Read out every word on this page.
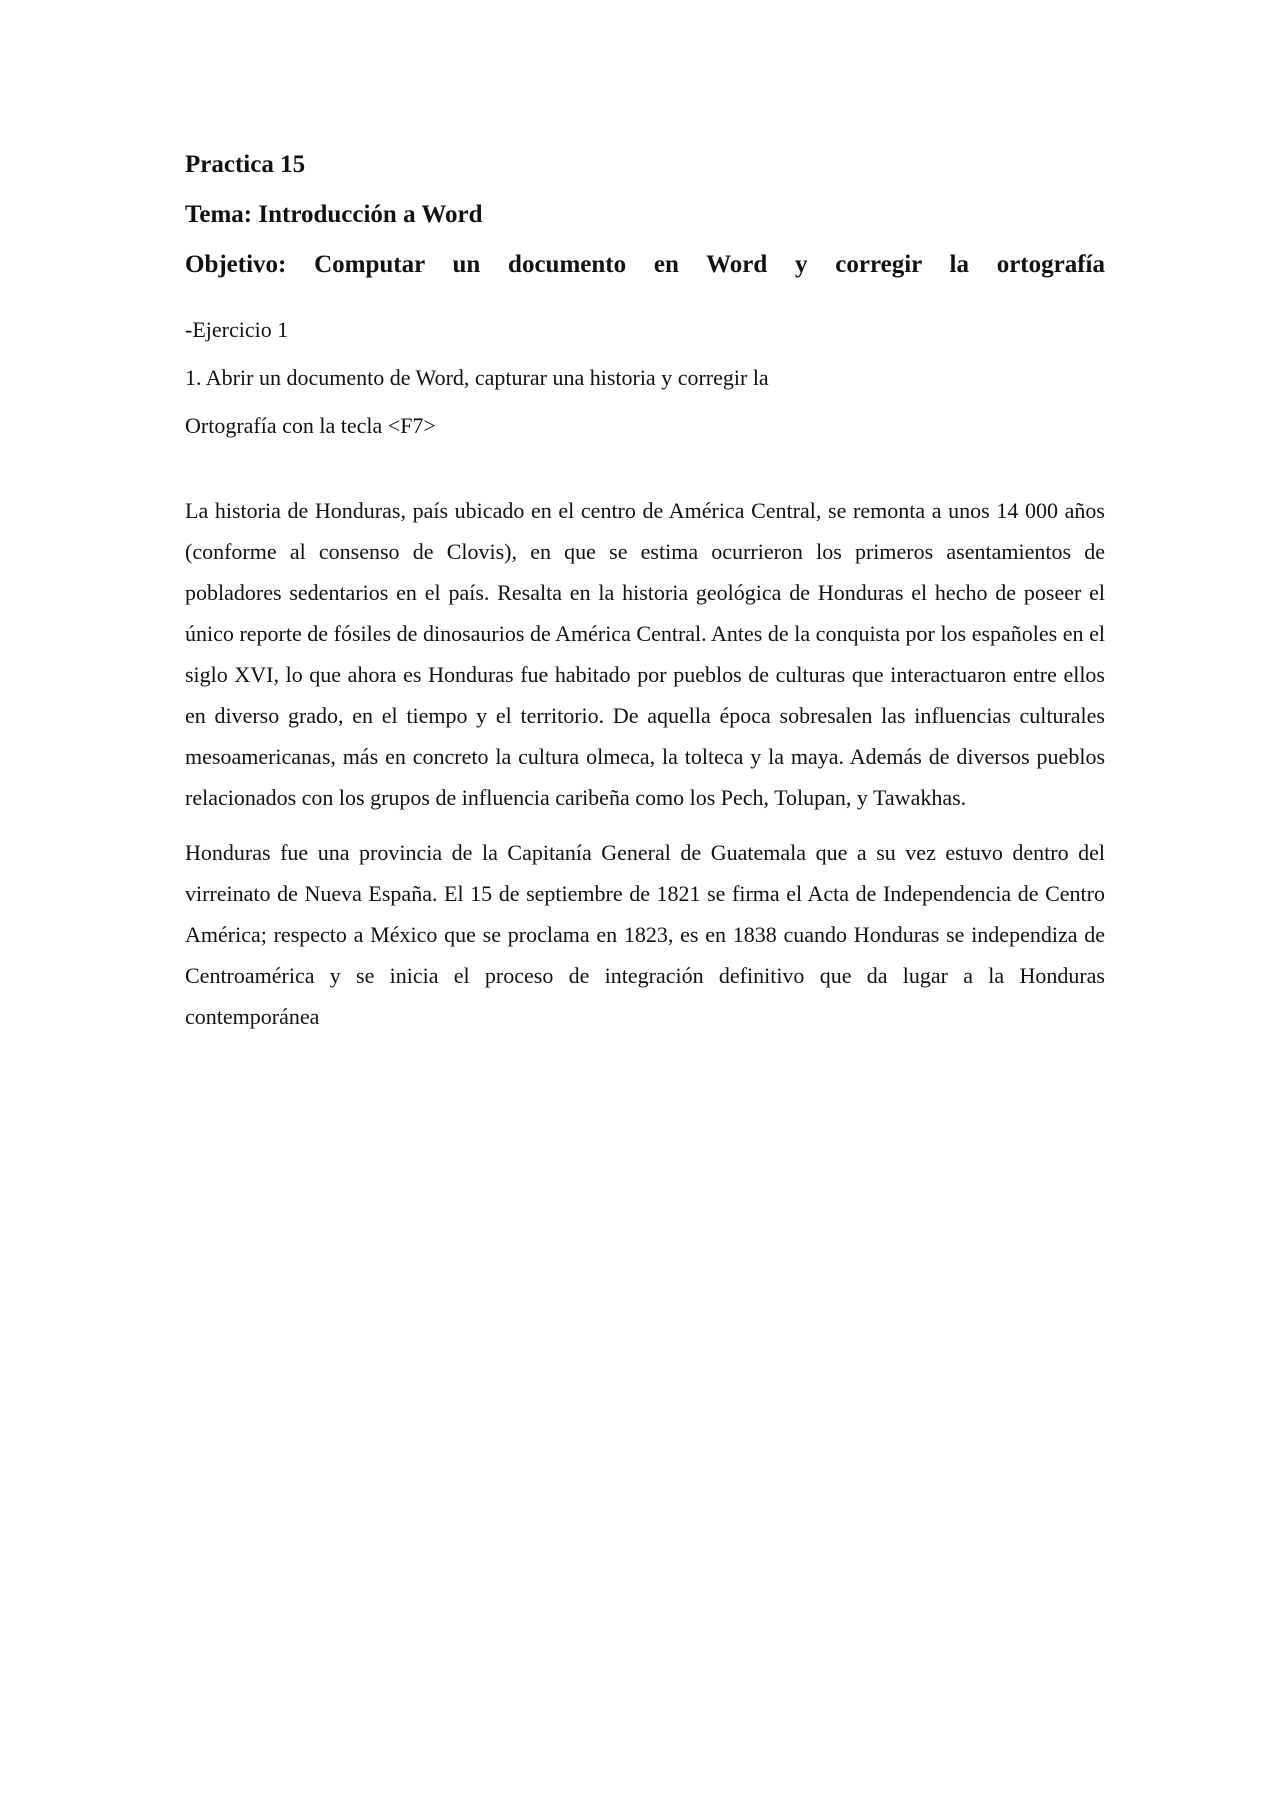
Practica 15

Tema: Introducción a Word

Objetivo: Computar un documento en Word y corregir la ortografía

-Ejercicio 1

1. Abrir un documento de Word, capturar una historia y corregir la

Ortografía con la tecla <F7>

La historia de Honduras, país ubicado en el centro de América Central, se remonta a unos 14 000 años (conforme al consenso de Clovis), en que se estima ocurrieron los primeros asentamientos de pobladores sedentarios en el país. Resalta en la historia geológica de Honduras el hecho de poseer el único reporte de fósiles de dinosaurios de América Central. Antes de la conquista por los españoles en el siglo XVI, lo que ahora es Honduras fue habitado por pueblos de culturas que interactuaron entre ellos en diverso grado, en el tiempo y el territorio. De aquella época sobresalen las influencias culturales mesoamericanas, más en concreto la cultura olmeca, la tolteca y la maya. Además de diversos pueblos relacionados con los grupos de influencia caribeña como los Pech, Tolupan, y Tawakhas.

Honduras fue una provincia de la Capitanía General de Guatemala que a su vez estuvo dentro del virreinato de Nueva España. El 15 de septiembre de 1821 se firma el Acta de Independencia de Centro América; respecto a México que se proclama en 1823, es en 1838 cuando Honduras se independiza de Centroamérica y se inicia el proceso de integración definitivo que da lugar a la Honduras contemporánea
